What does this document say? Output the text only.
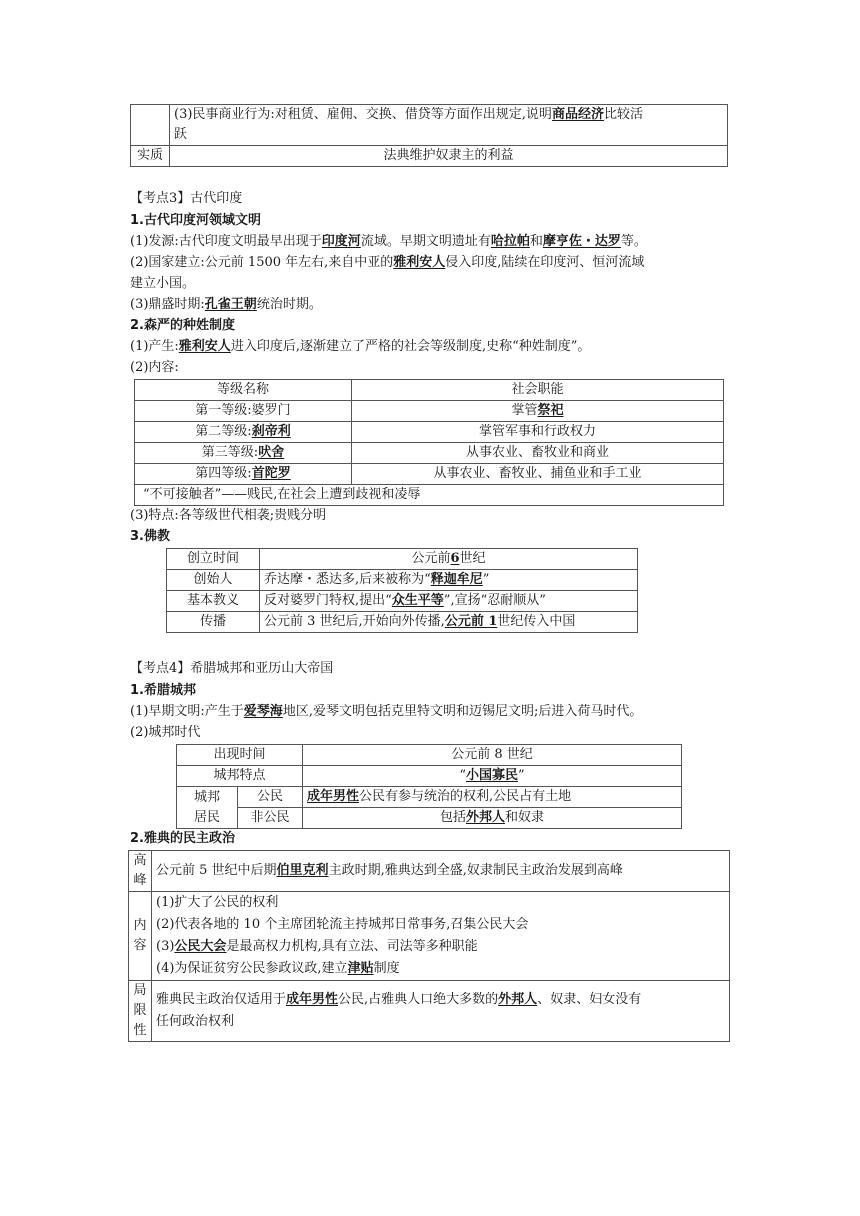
	(3)民事商业行为:对租赁、雇佣、交换、借贷等方面作出规定,说明商品经济比较活
跃
实质	法典维护奴隶主的利益
【考点3】古代印度
1.古代印度河领域文明
(1)发源:古代印度文明最早出现于印度河流域。早期文明遗址有哈拉帕和摩亨佐・达罗等。
(2)国家建立:公元前 1500 年左右,来自中亚的雅利安人侵入印度,陆续在印度河、恒河流域
建立小国。
(3)鼎盛时期:孔雀王朝统治时期。
2.森严的种姓制度
(1)产生:雅利安人进入印度后,逐渐建立了严格的社会等级制度,史称“种姓制度”。
(2)内容:
等级名称	社会职能
第一等级:婆罗门	掌管祭祀
第二等级:刹帝利	掌管军事和行政权力
第三等级:吠舍	从事农业、畜牧业和商业
第四等级:首陀罗	从事农业、畜牧业、捕鱼业和手工业
“不可接触者”——贱民,在社会上遭到歧视和凌辱	
(3)特点:各等级世代相袭;贵贱分明
3.佛教
创立时间	公元前6世纪
创始人	乔达摩・悉达多,后来被称为“释迦牟尼”
基本教义	反对婆罗门特权,提出“众生平等”,宣扬“忍耐顺从”
传播	公元前 3 世纪后,开始向外传播,公元前 1世纪传入中国
【考点4】希腊城邦和亚历山大帝国
1.希腊城邦
(1)早期文明:产生于爱琴海地区,爱琴文明包括克里特文明和迈锡尼文明;后进入荷马时代。
(2)城邦时代
出现时间		公元前 8 世纪
城邦特点		“小国寡民”
城邦
居民	公民	成年男性公民有参与统治的权利,公民占有土地
	非公民	包括外邦人和奴隶
2.雅典的民主政治
高
峰	公元前 5 世纪中后期伯里克利主政时期,雅典达到全盛,奴隶制民主政治发展到高峰
内
容	(1)扩大了公民的权利
(2)代表各地的 10 个主席团轮流主持城邦日常事务,召集公民大会
(3)公民大会是最高权力机构,具有立法、司法等多种职能
(4)为保证贫穷公民参政议政,建立津贴制度
局
限
性	雅典民主政治仅适用于成年男性公民,占雅典人口绝大多数的外邦人、奴隶、妇女没有
任何政治权利
